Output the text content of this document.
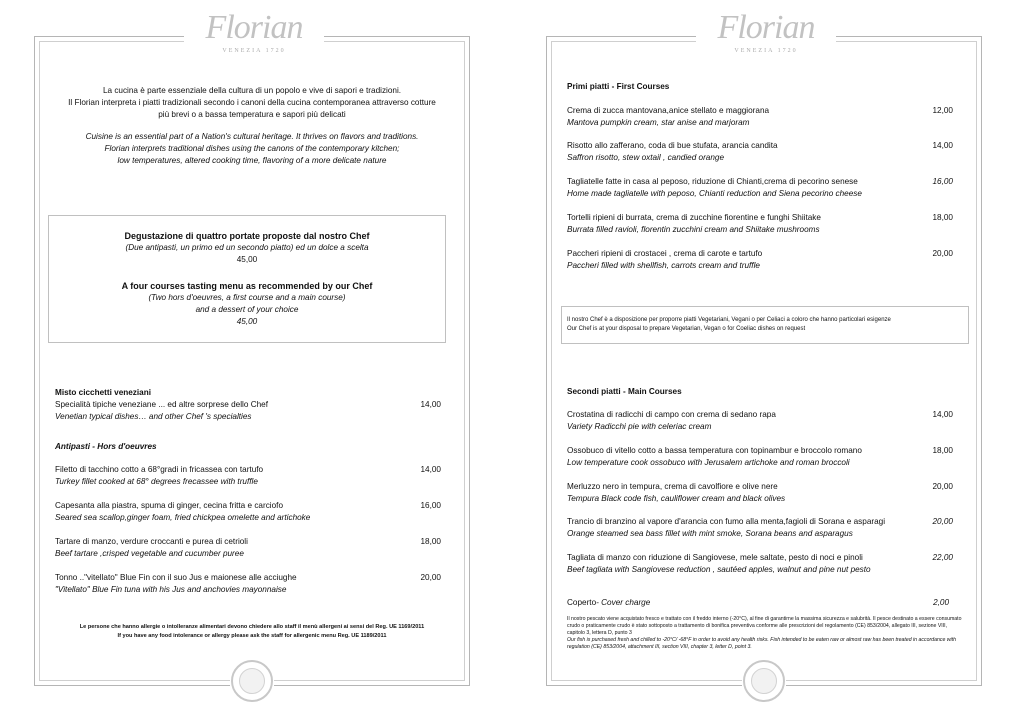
Florian
VENEZIA 1720
La cucina è parte essenziale della cultura di un popolo e vive di sapori e tradizioni.
Il Florian interpreta i piatti tradizionali secondo i canoni della cucina contemporanea attraverso cotture
più brevi o a bassa temperatura e sapori più delicati
Cuisine is an essential part of a Nation's cultural heritage. It thrives on flavors and traditions.
Florian interprets traditional dishes using the canons of the contemporary kitchen;
low temperatures, altered cooking time, flavoring of a more delicate nature
Degustazione di quattro portate proposte dal nostro Chef
(Due antipasti, un primo ed un secondo piatto) ed un dolce a scelta
45,00
A four courses tasting menu as recommended by our Chef
(Two hors d'oeuvres, a first course and a main course)
and a dessert of your choice
45,00
Misto cicchetti veneziani
Specialità tipiche veneziane ... ed altre sorprese dello Chef	14,00
Venetian typical dishes… and other Chef 's specialties
Antipasti - Hors d'oeuvres
Filetto di tacchino cotto a 68°gradi in fricassea con tartufo	14,00
Turkey fillet cooked at 68° degrees frecassee with truffle
Capesanta alla piastra, spuma di ginger, cecina fritta e carciofo	16,00
Seared sea scallop,ginger foam, fried chickpea omelette and artichoke
Tartare di manzo, verdure croccanti e purea di cetrioli	18,00
Beef tartare ,crisped vegetable and cucumber puree
Tonno .."vitellato" Blue Fin con il suo Jus e maionese alle acciughe	20,00
"Vitellato" Blue Fin tuna with his Jus and anchovies mayonnaise
Le persone che hanno allergie o intolleranze alimentari devono chiedere allo staff il menù allergeni ai sensi del Reg. UE 1169/2011
If you have any food intolerance or allergy please ask the staff for allergenic menu Reg. UE 1189/2011
Florian
VENEZIA 1720
Primi piatti - First Courses
Crema di zucca mantovana,anice stellato e maggiorana	12,00
Mantova pumpkin cream, star anise and marjoram
Risotto allo zafferano, coda di bue stufata, arancia candita	14,00
Saffron risotto, stew oxtail , candied orange
Tagliatelle fatte in casa al peposo, riduzione di Chianti,crema di pecorino senese	16,00
Home made tagliatelle with peposo, Chianti reduction and Siena pecorino cheese
Tortelli ripieni di burrata, crema di zucchine fiorentine e funghi Shiitake	18,00
Burrata filled ravioli, florentin zucchini cream and Shiitake mushrooms
Paccheri ripieni di crostacei , crema di carote e tartufo	20,00
Paccheri filled with shellfish, carrots cream and truffle
Il nostro Chef è a disposizione per proporre piatti Vegetariani, Vegani o per Celiaci a coloro che hanno particolari esigenze
Our Chef is at your disposal to prepare Vegetarian, Vegan o for Coeliac dishes on request
Secondi piatti - Main Courses
Crostatina di radicchi di campo con crema di sedano rapa	14,00
Variety Radicchi pie with celeriac cream
Ossobuco di vitello cotto a bassa temperatura con topinambur e broccolo romano	18,00
Low temperature cook ossobuco with Jerusalem artichoke and roman broccoli
Merluzzo nero in tempura, crema di cavolfiore e olive nere	20,00
Tempura Black code fish, cauliflower cream and black olives
Trancio di branzino al vapore d'arancia con fumo alla menta,fagioli di Sorana e asparagi	20,00
Orange steamed sea bass fillet with mint smoke, Sorana beans and asparagus
Tagliata di manzo con riduzione di Sangiovese, mele saltate, pesto di noci e pinoli	22,00
Beef tagliata with Sangiovese reduction , sautéed apples, walnut and pine nut pesto
Coperto- Cover charge	2,00
Il nostro pescato viene acquistato fresco e trattato con il freddo interno (-20°C), al fine di garantirne la massima sicurezza e salubrità. Il pesce destinato a essere consumato
crudo o praticamente crudo è stato sottoposto a trattamento di bonifica preventiva conforme alle prescrizioni del regolamento (CE) 853/2004, allegato III, sezione VIII,
capitolo 3, lettera D, punto 3
Our fish is purchased fresh and chilled to -20°C/ -68°F in order to avoid any health risks. Fish intended to be eaten raw or almost raw has been treated in accordance with
regulation (CE) 853/2004, attachment III, section VIII, chapter 3, letter D, point 3.
